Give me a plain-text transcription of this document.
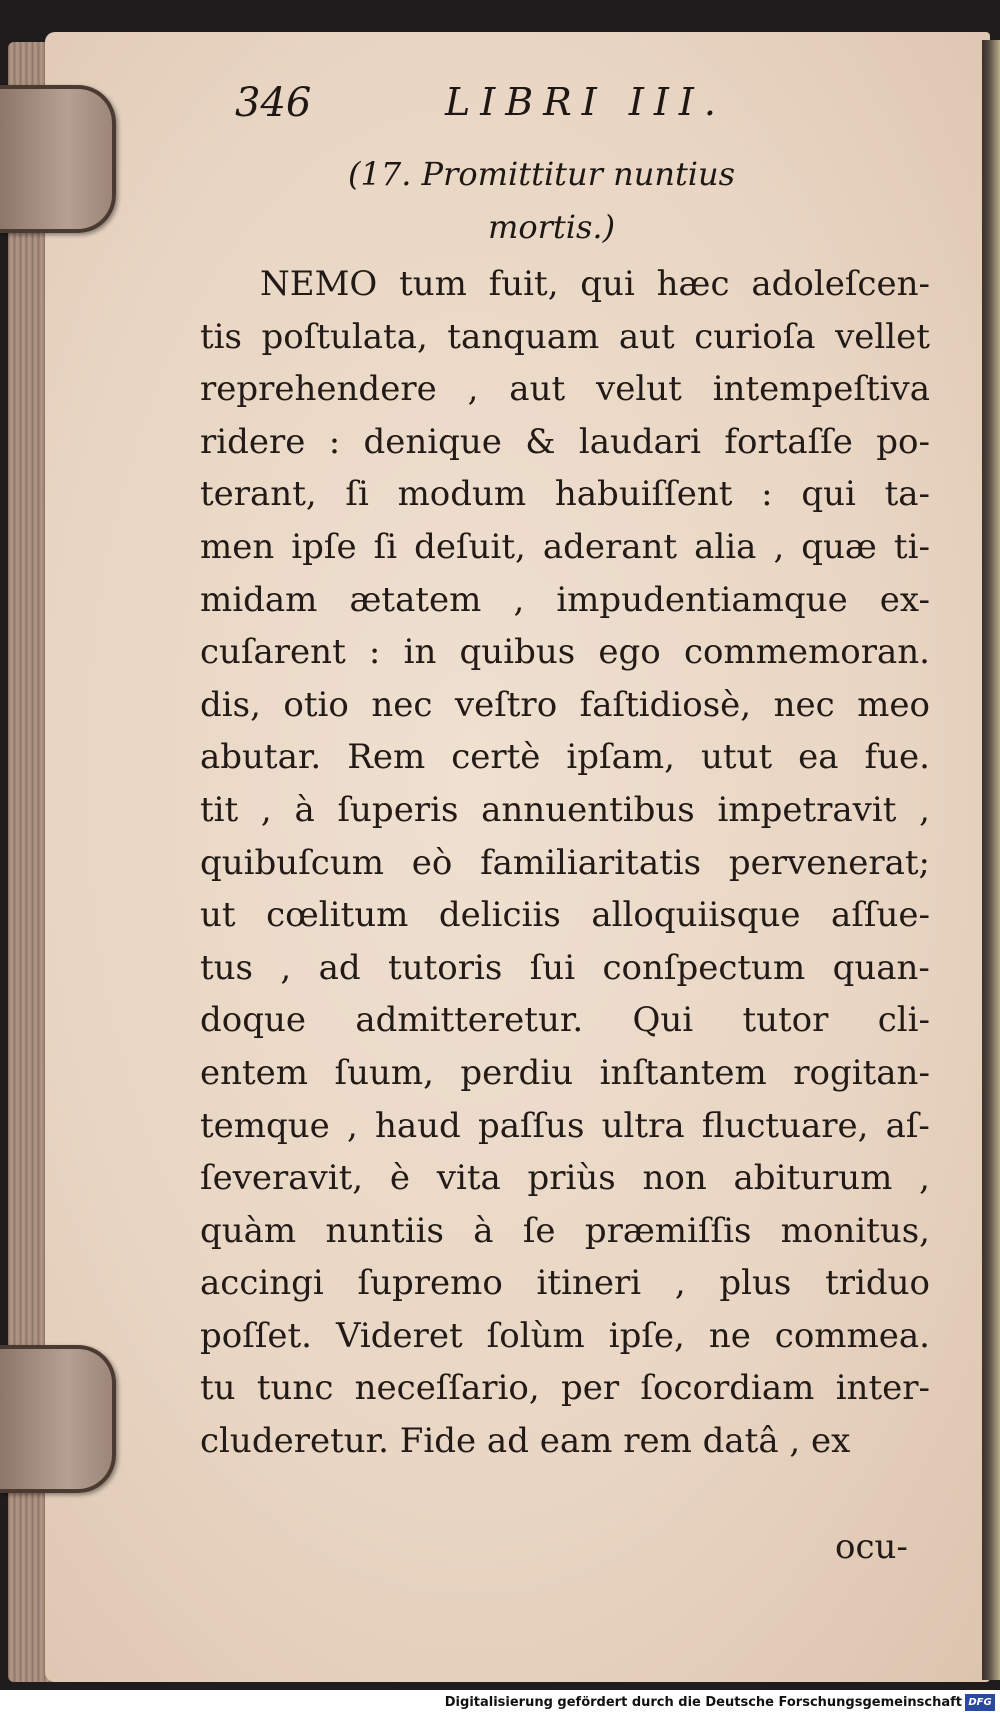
346	LIBRI III.
(17. Promittitur nuntius
mortis.)
NEMO tum fuit, qui hæc adoleſcen-
tis poſtulata, tanquam aut curioſa vellet
reprehendere , aut velut intempeſtiva
ridere : denique & laudari fortaſſe po-
terant, ſi modum habuiſſent : qui ta-
men ipſe ſi deſuit, aderant alia , quæ ti-
midam ætatem , impudentiamque ex-
cuſarent : in quibus ego commemoran.
dis, otio nec veſtro faſtidiosè, nec meo
abutar. Rem certè ipſam, utut ea fue.
tit , à ſuperis annuentibus impetravit ,
quibuſcum eò familiaritatis pervenerat;
ut cœlitum deliciis alloquiisque aſſue-
tus , ad tutoris ſui conſpectum quan-
doque admitteretur. Qui tutor cli-
entem ſuum, perdiu inſtantem rogitan-
temque , haud paſſus ultra fluctuare, aſ-
ſeveravit, è vita priùs non abiturum ,
quàm nuntiis à ſe præmiſſis monitus,
accingi ſupremo itineri , plus triduo
poſſet. Videret ſolùm ipſe, ne commea.
tu tunc neceſſario, per ſocordiam inter-
cluderetur. Fide ad eam rem datâ , ex
ocu-
Digitalisierung gefördert durch die Deutsche Forschungsgemeinschaft DFG
